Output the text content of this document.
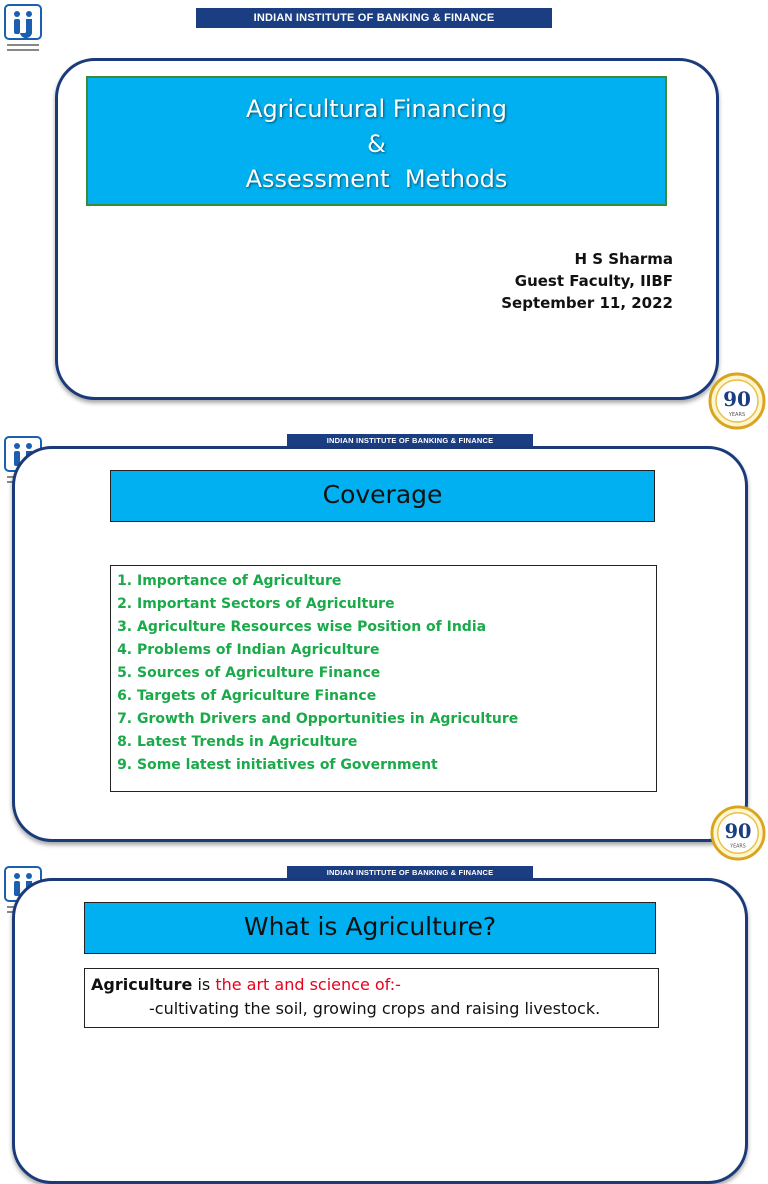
INDIAN INSTITUTE OF BANKING & FINANCE
Agricultural Financing
&
Assessment  Methods
H S Sharma
Guest Faculty, IIBF
September 11, 2022
90
YEARS
INDIAN INSTITUTE OF BANKING & FINANCE
90
YEARS
Coverage
1. Importance of Agriculture
2. Important Sectors of Agriculture
3. Agriculture Resources wise Position of India
4. Problems of Indian Agriculture
5. Sources of Agriculture Finance
6. Targets of Agriculture Finance
7. Growth Drivers and Opportunities in Agriculture
8. Latest Trends in Agriculture
9. Some latest initiatives of Government
INDIAN INSTITUTE OF BANKING & FINANCE
What is Agriculture?
Agriculture is the art and science of:-
-cultivating the soil, growing crops and raising livestock.
